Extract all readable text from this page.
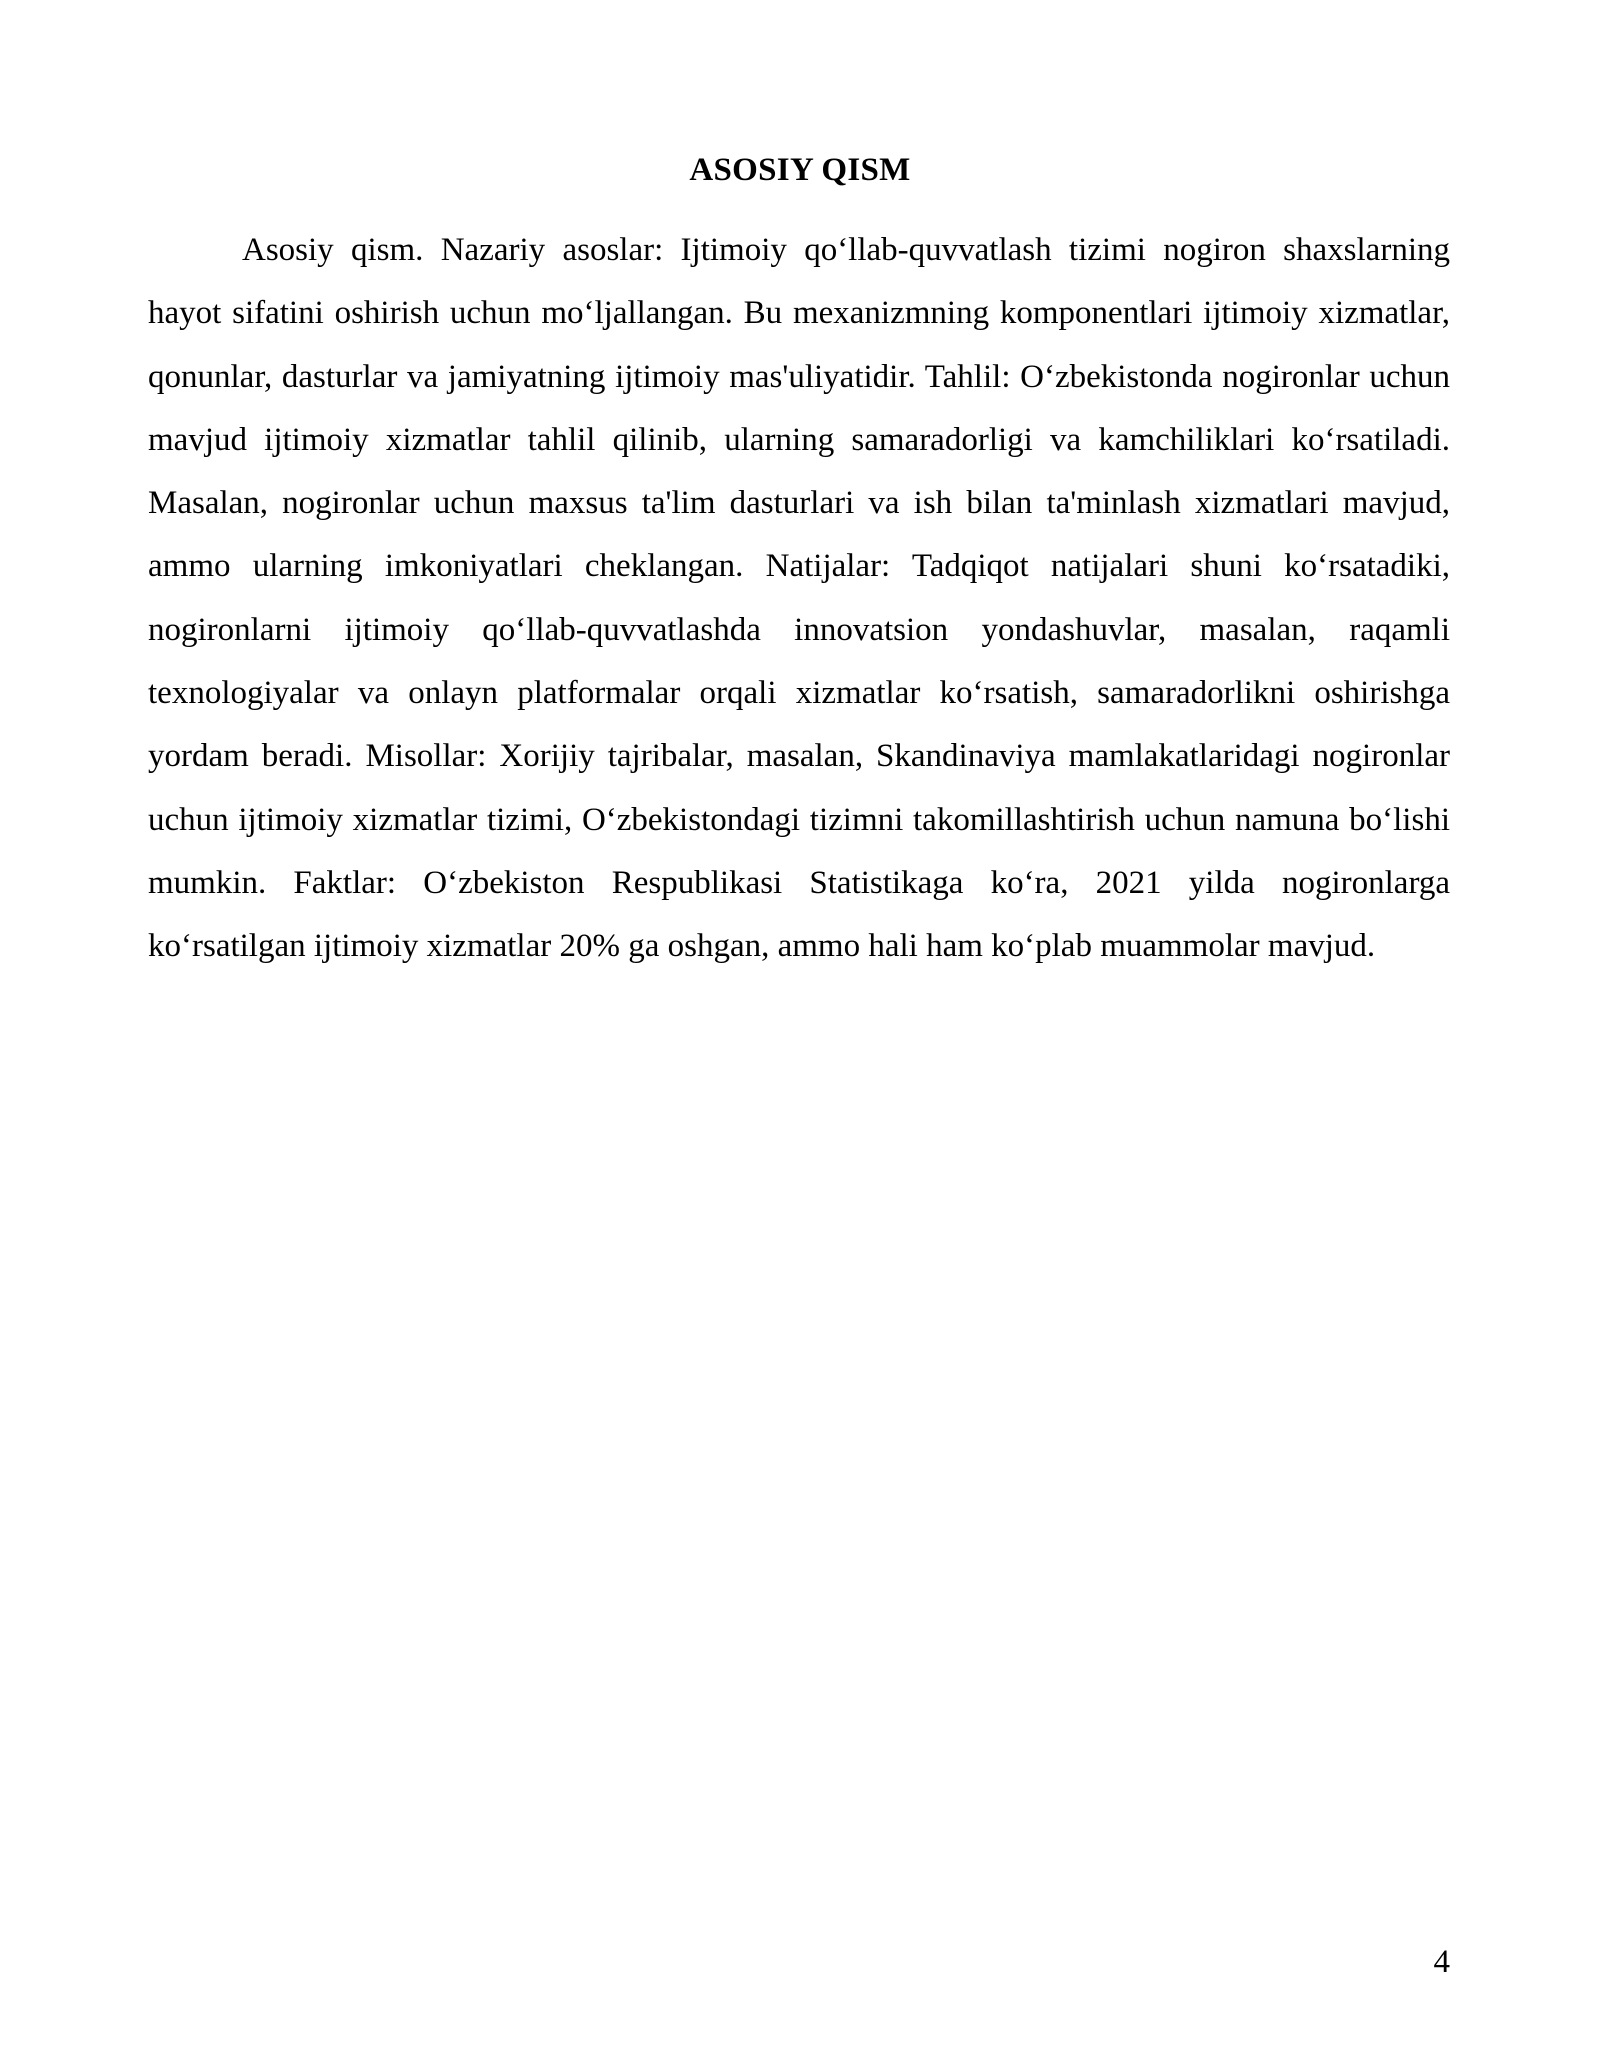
ASOSIY QISM

Asosiy qism. Nazariy asoslar: Ijtimoiy qo‘llab-quvvatlash tizimi nogiron shaxslarning hayot sifatini oshirish uchun mo‘ljallangan. Bu mexanizmning komponentlari ijtimoiy xizmatlar, qonunlar, dasturlar va jamiyatning ijtimoiy mas'uliyatidir. Tahlil: O‘zbekistonda nogironlar uchun mavjud ijtimoiy xizmatlar tahlil qilinib, ularning samaradorligi va kamchiliklari ko‘rsatiladi. Masalan, nogironlar uchun maxsus ta'lim dasturlari va ish bilan ta'minlash xizmatlari mavjud, ammo ularning imkoniyatlari cheklangan. Natijalar: Tadqiqot natijalari shuni ko‘rsatadiki, nogironlarni ijtimoiy qo‘llab-quvvatlashda innovatsion yondashuvlar, masalan, raqamli texnologiyalar va onlayn platformalar orqali xizmatlar ko‘rsatish, samaradorlikni oshirishga yordam beradi. Misollar: Xorijiy tajribalar, masalan, Skandinaviya mamlakatlaridagi nogironlar uchun ijtimoiy xizmatlar tizimi, O‘zbekistondagi tizimni takomillashtirish uchun namuna bo‘lishi mumkin. Faktlar: O‘zbekiston Respublikasi Statistikaga ko‘ra, 2021 yilda nogironlarga ko‘rsatilgan ijtimoiy xizmatlar 20% ga oshgan, ammo hali ham ko‘plab muammolar mavjud.

4
